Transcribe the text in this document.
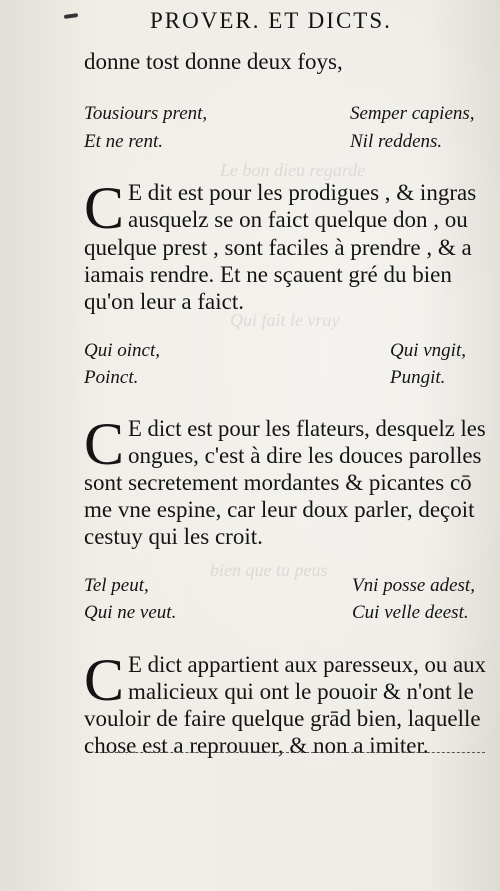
Le bon dieu regarde
Qui fait le vray
bien que tu peus
PROVER. ET DICTS.
donne tost donne deux foys,
Tousiours prent,
Et ne rent.
Semper capiens,
Nil reddens.
C E dit est pour les prodigues , & ingras
ausquelz se on faict quelque don , ou
quelque prest , sont faciles à prendre , & a
iamais rendre. Et ne sçauent gré du bien
qu'on leur a faict.
Qui oinct,
Poinct.
Qui vngit,
Pungit.
C E dict est pour les flateurs, desquelz les
ongues, c'est à dire les douces parolles
sont secretement mordantes & picantes cō
me vne espine, car leur doux parler, deçoit
cestuy qui les croit.
Tel peut,
Qui ne veut.
Vni posse adest,
Cui velle deest.
C E dict appartient aux paresseux, ou aux
malicieux qui ont le pouoir & n'ont le
vouloir de faire quelque grād bien, laquelle
chose est a reprouuer, & non a imiter.
